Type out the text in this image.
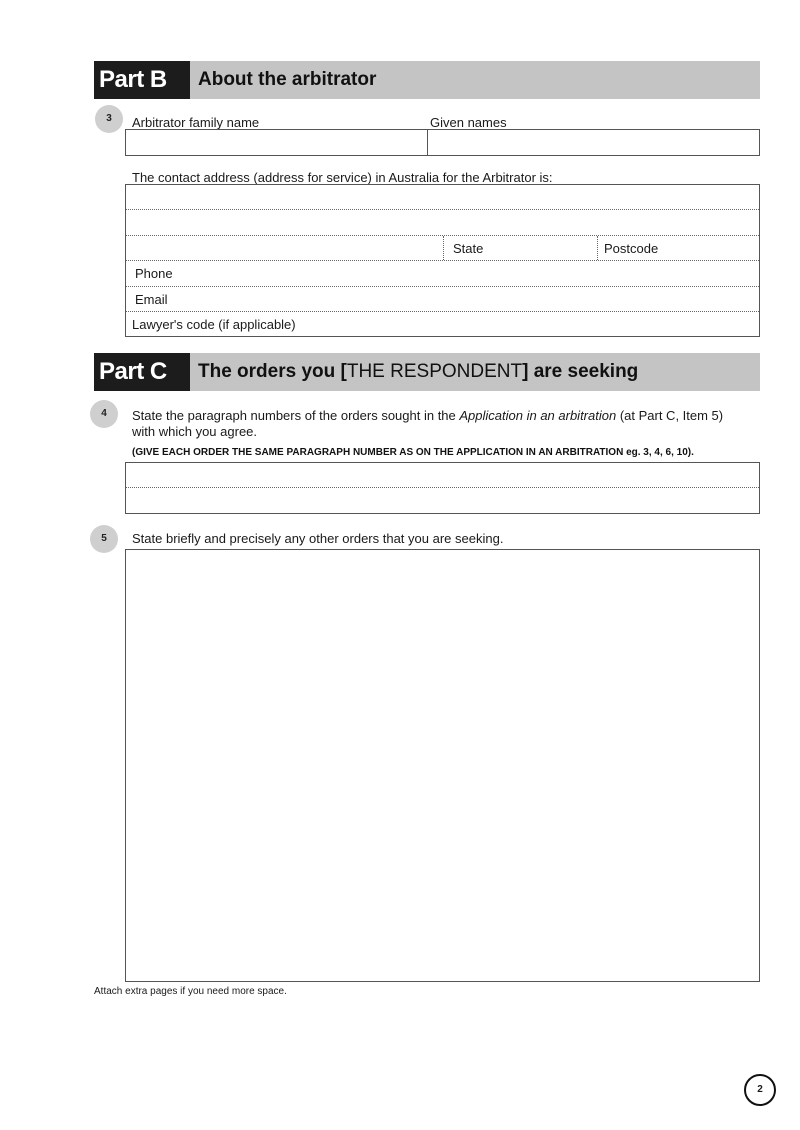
Part B	About the arbitrator
3	Arbitrator family name	Given names
The contact address (address for service) in Australia for the Arbitrator is:
State	Postcode
Phone
Email
Lawyer's code (if applicable)
Part C	The orders you [THE RESPONDENT] are seeking
4	State the paragraph numbers of the orders sought in the Application in an arbitration (at Part C, Item 5)
with which you agree.
(GIVE EACH ORDER THE SAME PARAGRAPH NUMBER AS ON THE APPLICATION IN AN ARBITRATION eg. 3, 4, 6, 10).
5	State briefly and precisely any other orders that you are seeking.
Attach extra pages if you need more space.
2
